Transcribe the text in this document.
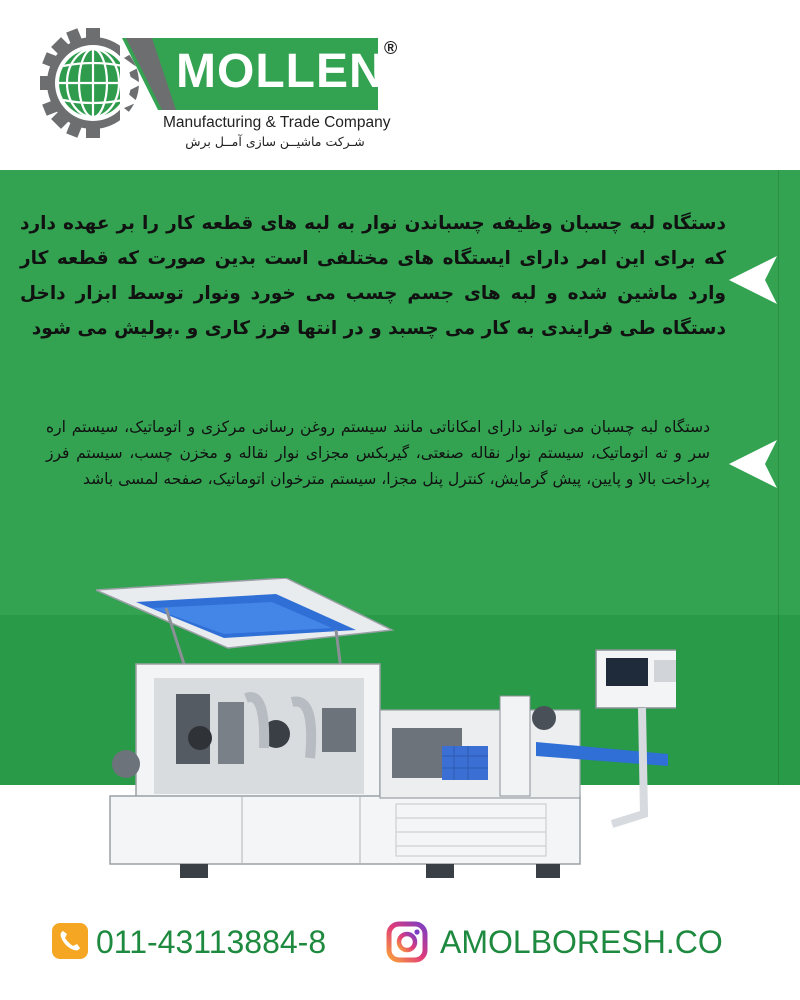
MOLLEN ®
Manufacturing & Trade Company
شـرکت ماشیــن سازی آمــل برش
دستگاه لبه چسبان وظیفه چسباندن نوار به لبه های قطعه کار را بر عهده دارد که برای این امر دارای ایستگاه های مختلفی است بدین صورت که قطعه کار وارد ماشین شده و لبه های جسم چسب می خورد ونوار توسط ابزار داخل دستگاه طی فرایندی به کار می چسبد و در انتها فرز کاری و .پولیش می شود
دستگاه لبه چسبان می تواند دارای امکاناتی مانند سیستم روغن رسانی مرکزی و اتوماتیک، سیستم اره سر و ته اتوماتیک، سیستم نوار نقاله صنعتی، گیربکس مجزای نوار نقاله و مخزن چسب، سیستم فرز پرداخت بالا و پایین، پیش گرمایش، کنترل پنل مجزا، سیستم مترخوان اتوماتیک، صفحه لمسی باشد
011-43113884-8	AMOLBORESH.CO
